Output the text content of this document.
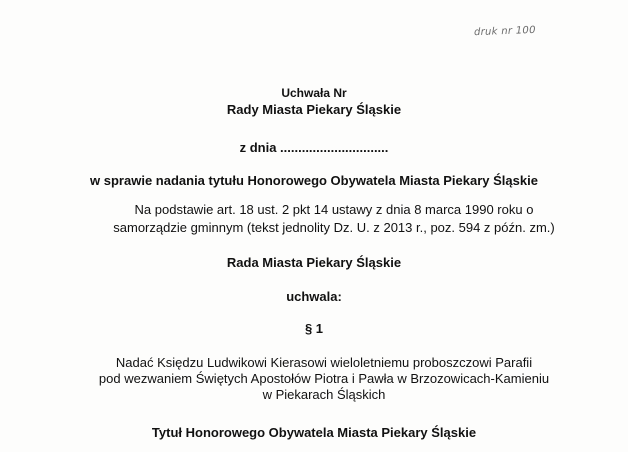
druk nr 100
Uchwała Nr
Rady Miasta Piekary Śląskie
z dnia ..............................
w sprawie nadania tytułu Honorowego Obywatela Miasta Piekary Śląskie
Na podstawie art. 18 ust. 2 pkt 14 ustawy z dnia 8 marca 1990 roku o
samorządzie gminnym (tekst jednolity Dz. U. z 2013 r., poz. 594 z późn. zm.)
Rada Miasta Piekary Śląskie
uchwala:
§ 1
Nadać Księdzu Ludwikowi Kierasowi wieloletniemu proboszczowi Parafii
pod wezwaniem Świętych Apostołów Piotra i Pawła w Brzozowicach-Kamieniu
w Piekarach Śląskich
Tytuł Honorowego Obywatela Miasta Piekary Śląskie
